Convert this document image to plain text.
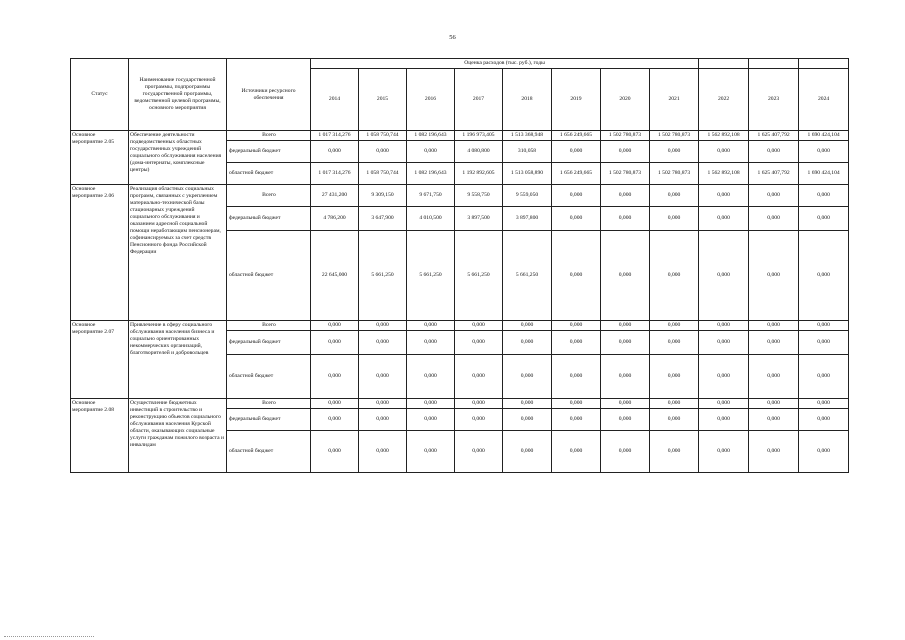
56
Статус	Наименование государственной программы, подпрограммы государственной программы, ведомственной целевой программы, основного мероприятия	Источники ресурсного обеспечения	Оценка расходов (тыс. руб.), годы										
			2014	2015	2016	2017	2018	2019	2020	2021	2022	2023	2024
Основное мероприятие 2.05	Обеспечение деятельности подведомственных областных государственных учреждений социального обслуживания населения (дома-интернаты, комплексные центры)	Всего	1 017 314,276	1 058 750,744	1 082 196,643	1 196 973,405	1 513 368,948	1 656 249,665	1 502 780,873	1 502 780,873	1 562 892,108	1 625 407,792	1 690 424,104
		федеральный бюджет	0,000	0,000	0,000	4 080,800	310,058	0,000	0,000	0,000	0,000	0,000	0,000
		областной бюджет	1 017 314,276	1 058 750,744	1 082 196,643	1 192 892,605	1 513 058,890	1 656 249,665	1 502 780,873	1 502 780,873	1 562 892,108	1 625 407,792	1 690 424,104
Основное мероприятие 2.06	Реализация областных социальных программ, связанных с укреплением материально-технической базы стационарных учреждений социального обслуживания и оказанием адресной социальной помощи неработающим пенсионерам, софинансируемых за счет средств Пенсионного фонда Российской Федерации	Всего	27 431,200	9 309,150	9 671,750	9 558,750	9 559,050	0,000	0,000	0,000	0,000	0,000	0,000
		федеральный бюджет	4 786,200	3 647,900	4 010,500	3 897,500	3 897,800	0,000	0,000	0,000	0,000	0,000	0,000
		областной бюджет	22 645,000	5 661,250	5 661,250	5 661,250	5 661,250	0,000	0,000	0,000	0,000	0,000	0,000
Основное мероприятие 2.07	Привлечение в сферу социального обслуживания населения бизнеса и социально ориентированных некоммерческих организаций, благотворителей и добровольцев	Всего	0,000	0,000	0,000	0,000	0,000	0,000	0,000	0,000	0,000	0,000	0,000
		федеральный бюджет	0,000	0,000	0,000	0,000	0,000	0,000	0,000	0,000	0,000	0,000	0,000
		областной бюджет	0,000	0,000	0,000	0,000	0,000	0,000	0,000	0,000	0,000	0,000	0,000
Основное мероприятие 2.08	Осуществление бюджетных инвестиций в строительство и реконструкцию объектов социального обслуживания населения Курской области, оказывающих социальные услуги гражданам пожилого возраста и инвалидам	Всего	0,000	0,000	0,000	0,000	0,000	0,000	0,000	0,000	0,000	0,000	0,000
		федеральный бюджет	0,000	0,000	0,000	0,000	0,000	0,000	0,000	0,000	0,000	0,000	0,000
		областной бюджет	0,000	0,000	0,000	0,000	0,000	0,000	0,000	0,000	0,000	0,000	0,000
